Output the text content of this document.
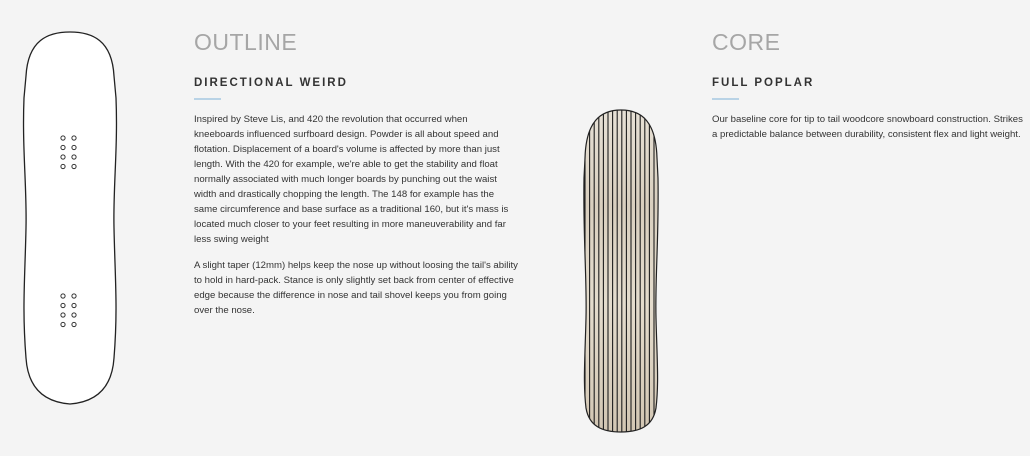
OUTLINE
DIRECTIONAL WEIRD

Inspired by Steve Lis, and 420 the revolution that occurred when kneeboards influenced surfboard design. Powder is all about speed and flotation. Displacement of a board's volume is affected by more than just length. With the 420 for example, we're able to get the stability and float normally associated with much longer boards by punching out the waist width and drastically chopping the length. The 148 for example has the same circumference and base surface as a traditional 160, but it's mass is located much closer to your feet resulting in more maneuverability and far less swing weight

A slight taper (12mm) helps keep the nose up without loosing the tail's ability to hold in hard-pack. Stance is only slightly set back from center of effective edge because the difference in nose and tail shovel keeps you from going over the nose.

CORE
FULL POPLAR

Our baseline core for tip to tail woodcore snowboard construction. Strikes a predictable balance between durability, consistent flex and light weight.
